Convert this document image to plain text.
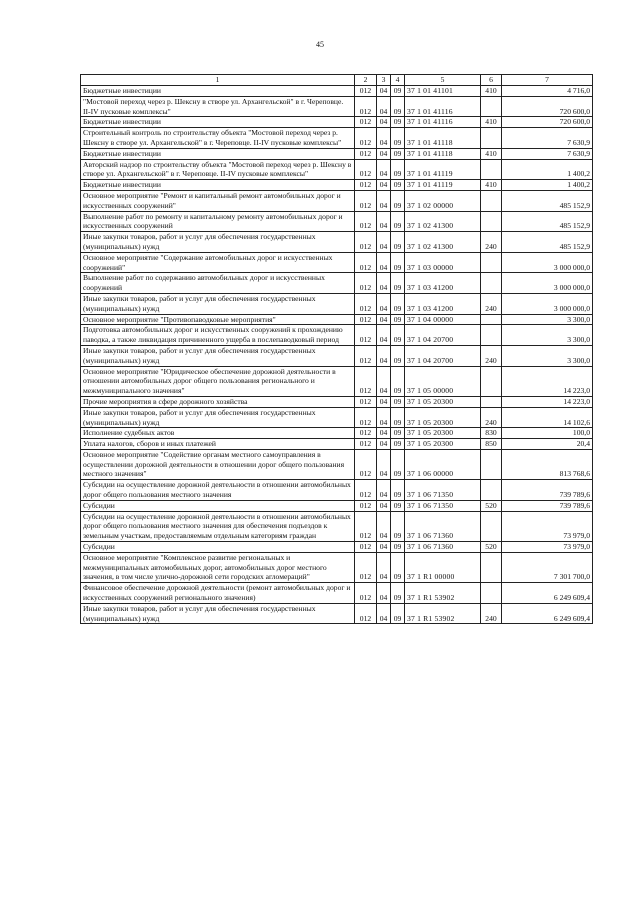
45
1	2	3	4	5	6	7
Бюджетные инвестиции	012	04	09	37 1 01 41101	410	4 716,0
"Мостовой переход через р. Шексну в створе ул. Архангельской" в г. Череповце. II-IV пусковые комплексы"	012	04	09	37 1 01 41116		720 600,0
Бюджетные инвестиции	012	04	09	37 1 01 41116	410	720 600,0
Строительный контроль по строительству объекта "Мостовой переход через р. Шексну в створе ул. Архангельской" в г. Череповце. II-IV пусковые комплексы"	012	04	09	37 1 01 41118		7 630,9
Бюджетные инвестиции	012	04	09	37 1 01 41118	410	7 630,9
Авторский надзор по строительству объекта "Мостовой переход через р. Шексну в створе ул. Архангельской" в г. Череповце. II-IV пусковые комплексы"	012	04	09	37 1 01 41119		1 400,2
Бюджетные инвестиции	012	04	09	37 1 01 41119	410	1 400,2
Основное мероприятие "Ремонт и капитальный ремонт автомобильных дорог и искусственных сооружений"	012	04	09	37 1 02 00000		485 152,9
Выполнение работ по ремонту и капитальному ремонту автомобильных дорог и искусственных сооружений	012	04	09	37 1 02 41300		485 152,9
Иные закупки товаров, работ и услуг для обеспечения государственных (муниципальных) нужд	012	04	09	37 1 02 41300	240	485 152,9
Основное мероприятие "Содержание автомобильных дорог и искусственных сооружений"	012	04	09	37 1 03 00000		3 000 000,0
Выполнение работ по содержанию автомобильных дорог и искусственных сооружений	012	04	09	37 1 03 41200		3 000 000,0
Иные закупки товаров, работ и услуг для обеспечения государственных (муниципальных) нужд	012	04	09	37 1 03 41200	240	3 000 000,0
Основное мероприятие "Противопаводковые мероприятия"	012	04	09	37 1 04 00000		3 300,0
Подготовка автомобильных дорог и искусственных сооружений к прохождению паводка, а также ликвидация причиненного ущерба в послепаводковый период	012	04	09	37 1 04 20700		3 300,0
Иные закупки товаров, работ и услуг для обеспечения государственных (муниципальных) нужд	012	04	09	37 1 04 20700	240	3 300,0
Основное мероприятие "Юридическое обеспечение дорожной деятельности в отношении автомобильных дорог общего пользования регионального и межмуниципального значения"	012	04	09	37 1 05 00000		14 223,0
Прочие мероприятия в сфере дорожного хозяйства	012	04	09	37 1 05 20300		14 223,0
Иные закупки товаров, работ и услуг для обеспечения государственных (муниципальных) нужд	012	04	09	37 1 05 20300	240	14 102,6
Исполнение судебных актов	012	04	09	37 1 05 20300	830	100,0
Уплата налогов, сборов и иных платежей	012	04	09	37 1 05 20300	850	20,4
Основное мероприятие "Содействие органам местного самоуправления в осуществлении дорожной деятельности в отношении дорог общего пользования местного значения"	012	04	09	37 1 06 00000		813 768,6
Субсидии на осуществление дорожной деятельности в отношении автомобильных дорог общего пользования местного значения	012	04	09	37 1 06 71350		739 789,6
Субсидии	012	04	09	37 1 06 71350	520	739 789,6
Субсидии на осуществление дорожной деятельности в отношении автомобильных дорог общего пользования местного значения для обеспечения подъездов к земельным участкам, предоставляемым отдельным категориям граждан	012	04	09	37 1 06 71360		73 979,0
Субсидии	012	04	09	37 1 06 71360	520	73 979,0
Основное мероприятие "Комплексное развитие региональных и межмуниципальных автомобильных дорог, автомобильных дорог местного значения, в том числе улично-дорожной сети городских агломераций"	012	04	09	37 1 R1 00000		7 301 700,0
Финансовое обеспечение дорожной деятельности (ремонт автомобильных дорог и искусственных сооружений регионального значения)	012	04	09	37 1 R1 53902		6 249 609,4
Иные закупки товаров, работ и услуг для обеспечения государственных (муниципальных) нужд	012	04	09	37 1 R1 53902	240	6 249 609,4
